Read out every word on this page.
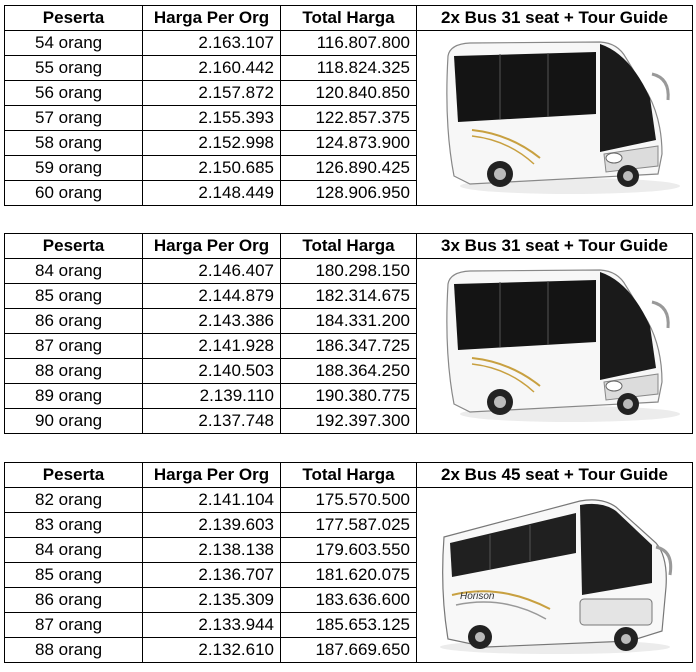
Peserta	Harga Per Org	Total Harga	2x Bus 31 seat + Tour Guide
54 orang	2.163.107	116.807.800	

55 orang	2.160.442	118.824.325	
56 orang	2.157.872	120.840.850	
57 orang	2.155.393	122.857.375	
58 orang	2.152.998	124.873.900	
59 orang	2.150.685	126.890.425	
60 orang	2.148.449	128.906.950	
Peserta	Harga Per Org	Total Harga	3x Bus 31 seat + Tour Guide
84 orang	2.146.407	180.298.150	

85 orang	2.144.879	182.314.675	
86 orang	2.143.386	184.331.200	
87 orang	2.141.928	186.347.725	
88 orang	2.140.503	188.364.250	
89 orang	2.139.110	190.380.775	
90 orang	2.137.748	192.397.300	
Peserta	Harga Per Org	Total Harga	2x Bus 45 seat + Tour Guide
82 orang	2.141.104	175.570.500	Horison

83 orang	2.139.603	177.587.025	
84 orang	2.138.138	179.603.550	
85 orang	2.136.707	181.620.075	
86 orang	2.135.309	183.636.600	
87 orang	2.133.944	185.653.125	
88 orang	2.132.610	187.669.650	
